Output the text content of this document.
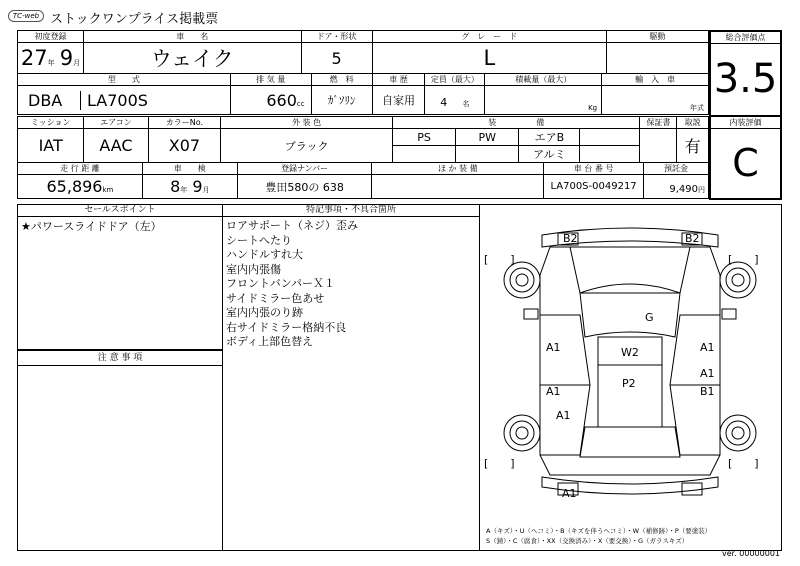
TC-web ストックワンプライス掲載票
初度登録	車　　名	ドア・形状	グ　レ　ー　ド	駆動
27年 9月	ウェイク	5	L	
型　　式	排 気 量	燃　料	車 歴	定員（最大）	積載量（最大）	輸　入　車
DBA LA700S	660cc	ｶﾞｿﾘﾝ	自家用	4 名	Kg	年式
ミッション	エアコン	カラーNo.	外 装 色	装　　　　　備				保証書	取説
IAT	AAC	X07	ブラック	PS	PW	エアB			有
						アルミ			
走 行 距 離	車　　検	登録ナンバー	ほ か 装 備	車 台 番 号	預託金
65,896km	8年 9月	豊田580の 638		LA700S-0049217	9,490円
総合評価点
3.5
内装評価
C
セールスポイント
★パワースライドドア（左）
注 意 事 項
特記事項・不具合箇所
ロアサポート（ネジ）歪み
シートへたり
ハンドルすれ大
室内内張傷
フロントバンパーＸ１
サイドミラー色あせ
室内内張のり跡
右サイドミラー格納不良
ボディ上部色替え
B2	B2
G
W2
P2
A1
A1
A1
A1
A1
B1
A1
[　　]	[　　]
[　　]	[　　]
A（キズ）・U（ヘコミ）・B（キズを伴うヘコミ）・W（補修跡）・P（要塗装）
S（錆）・C（腐食）・XX（交換済み）・X（要交換）・G（ガラスキズ）
ver. 00000001
